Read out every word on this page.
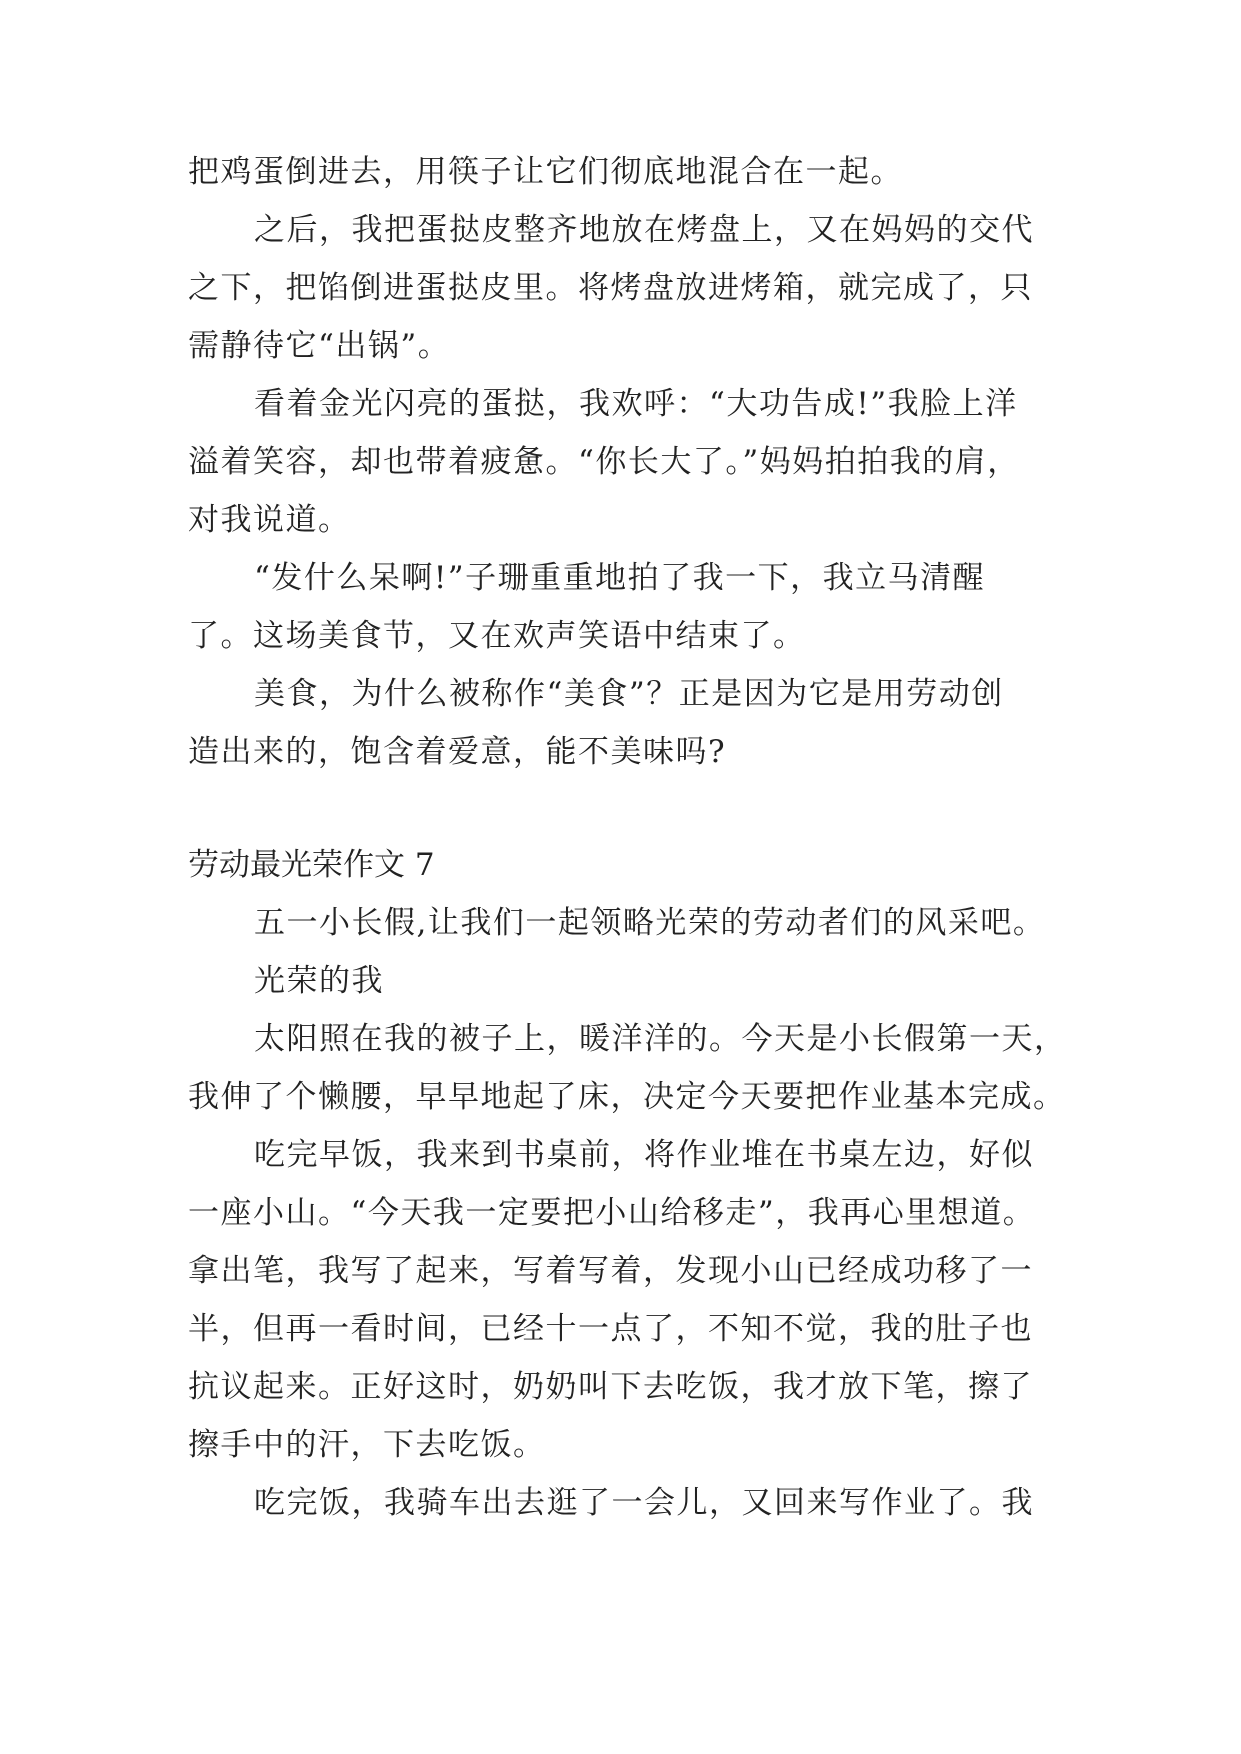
把鸡蛋倒进去，用筷子让它们彻底地混合在一起。
之后，我把蛋挞皮整齐地放在烤盘上，又在妈妈的交代
之下，把馅倒进蛋挞皮里。将烤盘放进烤箱，就完成了，只
需静待它“出锅”。
看着金光闪亮的蛋挞，我欢呼：“大功告成!”我脸上洋
溢着笑容，却也带着疲惫。“你长大了。”妈妈拍拍我的肩，
对我说道。
“发什么呆啊!”子珊重重地拍了我一下，我立马清醒
了。这场美食节，又在欢声笑语中结束了。
美食，为什么被称作“美食”？正是因为它是用劳动创
造出来的，饱含着爱意，能不美味吗?
劳动最光荣作文 7
五一小长假,让我们一起领略光荣的劳动者们的风采吧。
光荣的我
太阳照在我的被子上，暖洋洋的。今天是小长假第一天，
我伸了个懒腰，早早地起了床，决定今天要把作业基本完成。
吃完早饭，我来到书桌前，将作业堆在书桌左边，好似
一座小山。“今天我一定要把小山给移走”，我再心里想道。
拿出笔，我写了起来，写着写着，发现小山已经成功移了一
半，但再一看时间，已经十一点了，不知不觉，我的肚子也
抗议起来。正好这时，奶奶叫下去吃饭，我才放下笔，擦了
擦手中的汗，下去吃饭。
吃完饭，我骑车出去逛了一会儿，又回来写作业了。我
